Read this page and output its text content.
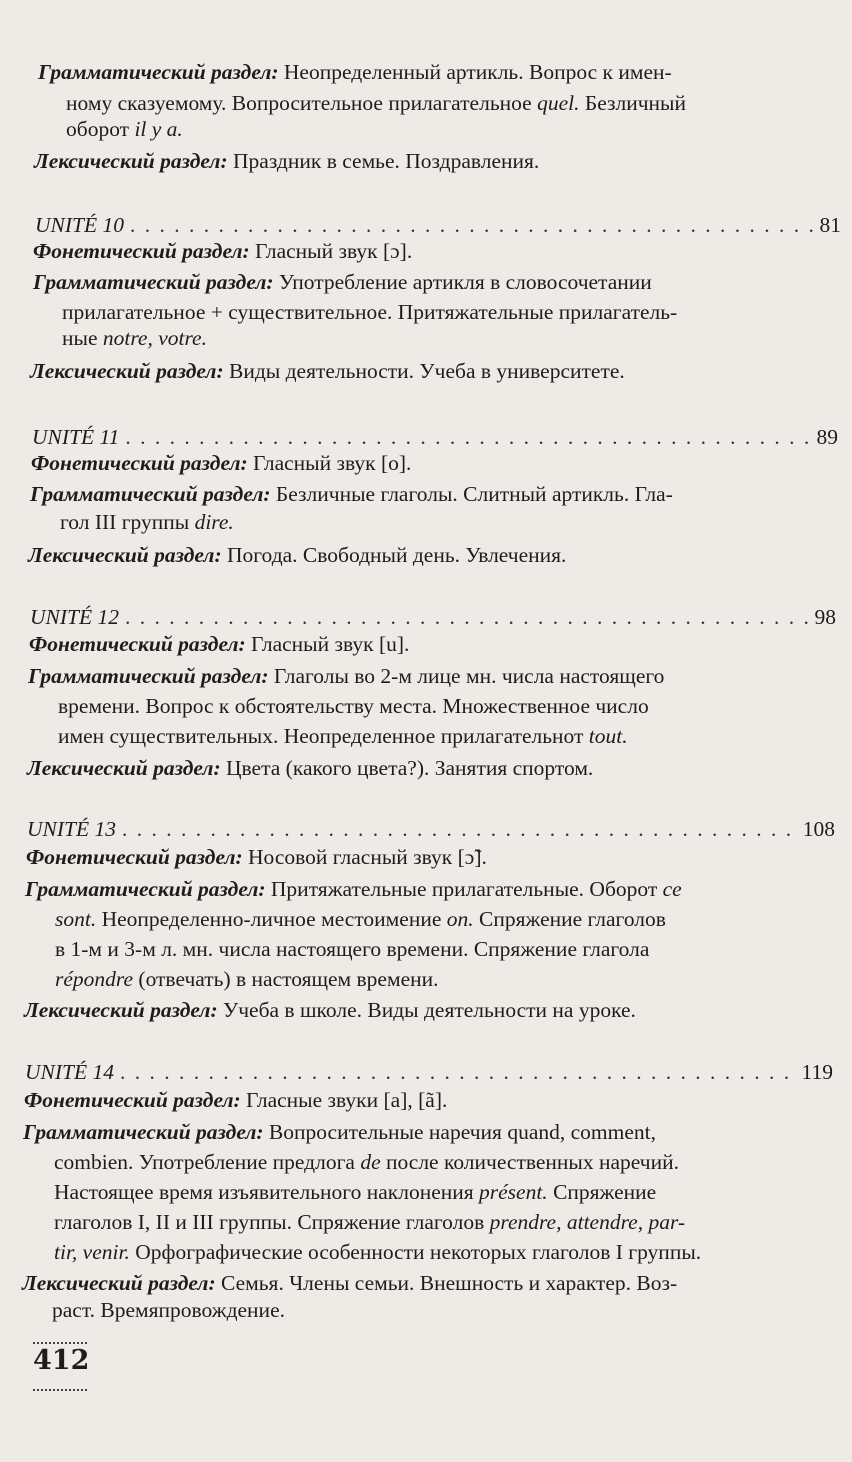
Грамматический раздел: Неопределенный артикль. Вопрос к имен-
ному сказуемому. Вопросительное прилагательное quel. Безличный
оборот il y a.
Лексический раздел: Праздник в семье. Поздравления.
UNITÉ 10 . . .	81
Фонетический раздел: Гласный звук [ɔ].
Грамматический раздел: Употребление артикля в словосочетании
прилагательное + существительное. Притяжательные прилагатель-
ные notre, votre.
Лексический раздел: Виды деятельности. Учеба в университете.
UNITÉ 11 . . .	89
Фонетический раздел: Гласный звук [o].
Грамматический раздел: Безличные глаголы. Слитный артикль. Гла-
гол III группы dire.
Лексический раздел: Погода. Свободный день. Увлечения.
UNITÉ 12 . . .	98
Фонетический раздел: Гласный звук [u].
Грамматический раздел: Глаголы во 2-м лице мн. числа настоящего
времени. Вопрос к обстоятельству места. Множественное число
имен существительных. Неопределенное прилагательнот tout.
Лексический раздел: Цвета (какого цвета?). Занятия спортом.
UNITÉ 13 . . .	108
Фонетический раздел: Носовой гласный звук [ɔ̃].
Грамматический раздел: Притяжательные прилагательные. Оборот ce
sont. Неопределенно-личное местоимение on. Спряжение глаголов
в 1-м и 3-м л. мн. числа настоящего времени. Спряжение глагола
répondre (отвечать) в настоящем времени.
Лексический раздел: Учеба в школе. Виды деятельности на уроке.
UNITÉ 14 . . .	119
Фонетический раздел: Гласные звуки [a], [ã].
Грамматический раздел: Вопросительные наречия quand, comment,
combien. Употребление предлога de после количественных наречий.
Настоящее время изъявительного наклонения présent. Спряжение
глаголов I, II и III группы. Спряжение глаголов prendre, attendre, par-
tir, venir. Орфографические особенности некоторых глаголов I группы.
Лексический раздел: Семья. Члены семьи. Внешность и характер. Воз-
раст. Времяпровождение.
412
